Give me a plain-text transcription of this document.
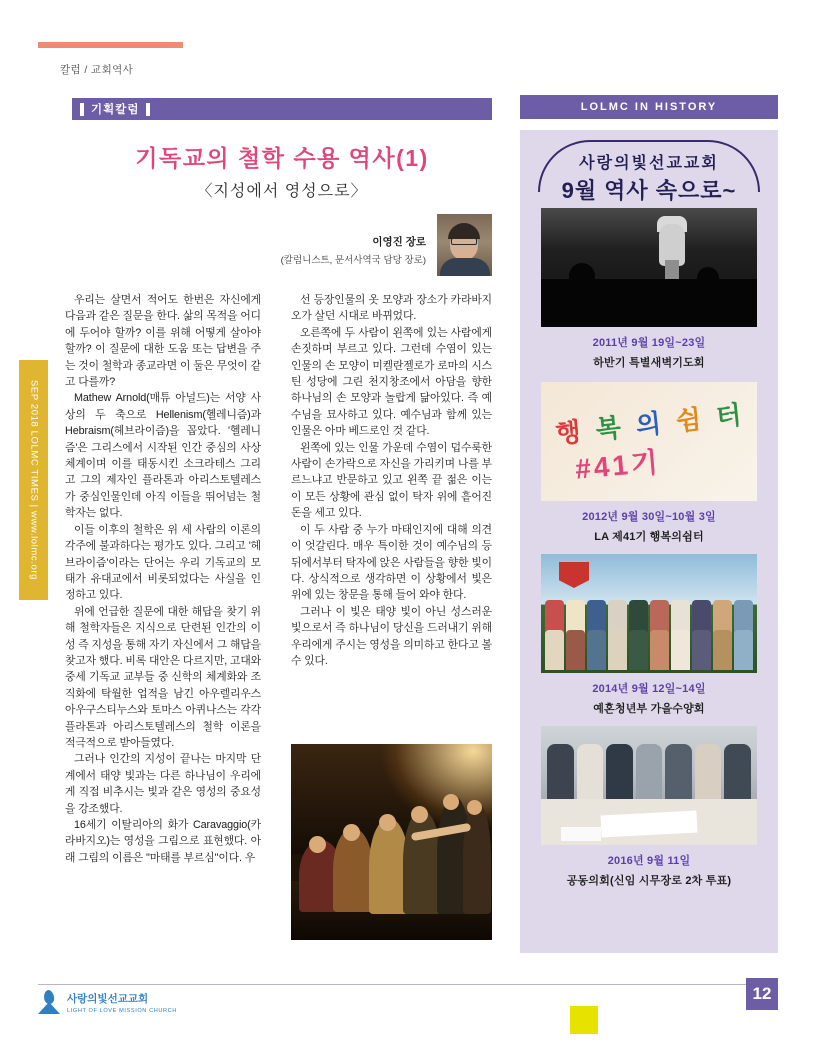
칼럼 / 교회역사
SEP 2018 LOLMC TIMES | www.lolmc.org
기획칼럼	LOLMC IN HISTORY
기독교의 철학 수용 역사(1)
〈지성에서 영성으로〉
이영진 장로
(칼럼니스트, 문서사역국 담당 장로)

우리는 살면서 적어도 한번은 자신에게 다음과 같은 질문을 한다. 삶의 목적을 어디에 두어야 할까? 이를 위해 어떻게 살아야 할까? 이 질문에 대한 도움 또는 답변을 주는 것이 철학과 종교라면 이 둘은 무엇이 같고 다를까?

Mathew Arnold(매튜 아널드)는 서양 사상의 두 축으로 Hellenism(헬레니즘)과 Hebraism(헤브라이즘)을 꼽았다. '헬레니즘'은 그리스에서 시작된 인간 중심의 사상 체계이며 이를 태동시킨 소크라테스 그리고 그의 제자인 플라톤과 아리스토텔레스가 중심인물인데 아직 이들을 뛰어넘는 철학자는 없다.

이들 이후의 철학은 위 세 사람의 이론의 각주에 불과하다는 평가도 있다. 그리고 '헤브라이즘'이라는 단어는 우리 기독교의 모태가 유대교에서 비롯되었다는 사실을 인정하고 있다.

위에 언급한 질문에 대한 해답을 찾기 위해 철학자들은 지식으로 단련된 인간의 이성 즉 지성을 통해 자기 자신에서 그 해답을 찾고자 했다. 비록 대안은 다르지만, 고대와 중세 기독교 교부들 중 신학의 체계화와 조직화에 탁월한 업적을 남긴 아우렐리우스 아우구스티누스와 토마스 아퀴나스는 각각 플라톤과 아리스토텔레스의 철학 이론을 적극적으로 받아들였다.

그러나 인간의 지성이 끝나는 마지막 단계에서 태양 빛과는 다른 하나님이 우리에게 직접 비추시는 빛과 같은 영성의 중요성을 강조했다.

16세기 이탈리아의 화가 Caravaggio(카라바지오)는 영성을 그림으로 표현했다. 아래 그림의 이름은 "마태를 부르심"이다. 우

선 등장인물의 옷 모양과 장소가 카라바지오가 살던 시대로 바뀌었다.

오른쪽에 두 사람이 왼쪽에 있는 사람에게 손짓하며 부르고 있다. 그런데 수염이 있는 인물의 손 모양이 미켈란젤로가 로마의 시스틴 성당에 그린 천지창조에서 아담을 향한 하나님의 손 모양과 놀랍게 닮아있다. 즉 예수님을 묘사하고 있다. 예수님과 함께 있는 인물은 아마 베드로인 것 같다.

왼쪽에 있는 인물 가운데 수염이 덥수룩한 사람이 손가락으로 자신을 가리키며 나를 부르느냐고 반문하고 있고 왼쪽 끝 젊은 이는 이 모든 상황에 관심 없이 탁자 위에 흩어진 돈을 세고 있다.

이 두 사람 중 누가 마태인지에 대해 의견이 엇갈린다. 매우 특이한 것이 예수님의 등 뒤에서부터 탁자에 앉은 사람들을 향한 빛이다. 상식적으로 생각하면 이 상황에서 빛은 위에 있는 창문을 통해 들어 와야 한다.

그러나 이 빛은 태양 빛이 아닌 성스러운 빛으로서 즉 하나님이 당신을 드러내기 위해 우리에게 주시는 영성을 의미하고 한다고 볼 수 있다.

사랑의빛선교교회
9월 역사 속으로~
2011년 9월 19일~23일
하반기 특별새벽기도회
행 복 의 쉼 터
#41기
2012년 9월 30일~10월 3일
LA 제41기 행복의쉼터
2014년 9월 12일~14일
예혼청년부 가을수양회
2016년 9월 11일
공동의회(신임 시무장로 2차 투표)
사랑의빛선교교회
LIGHT OF LOVE MISSION CHURCH
12
